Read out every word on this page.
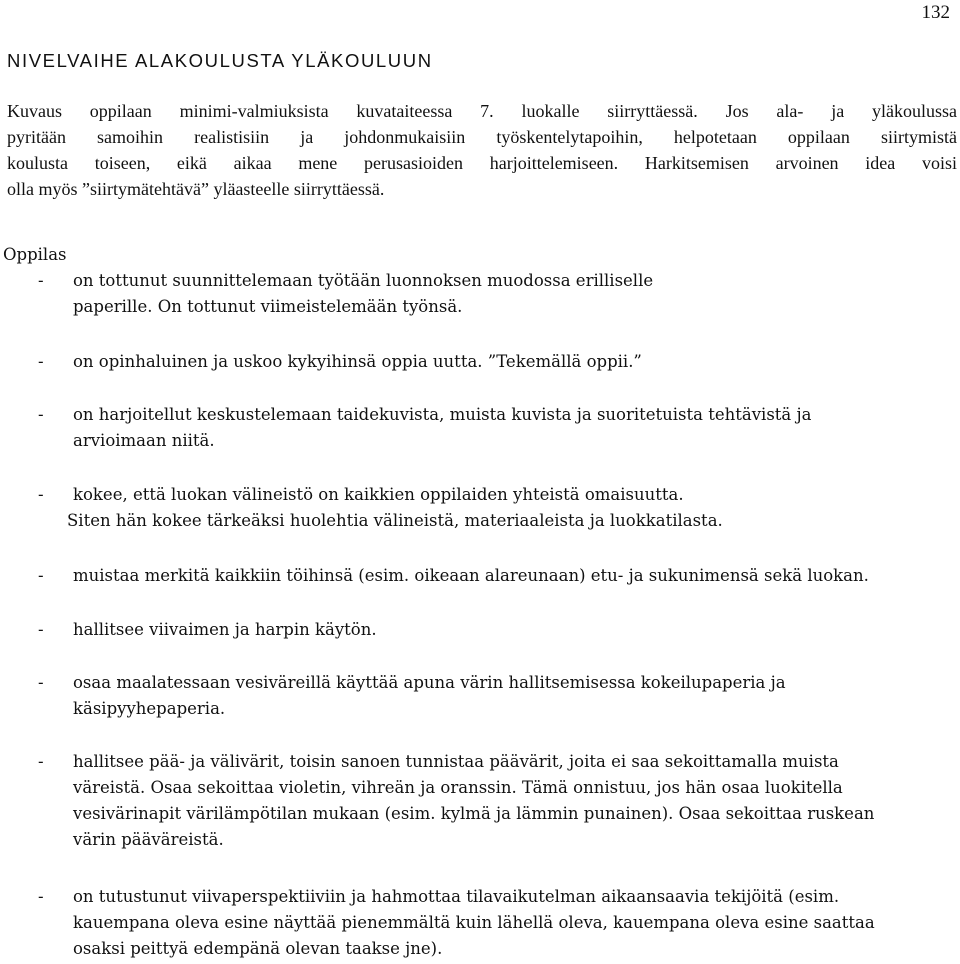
132
NIVELVAIHE ALAKOULUSTA YLÄKOULUUN
Kuvaus oppilaan minimi-valmiuksista kuvataiteessa 7. luokalle siirryttäessä. Jos ala- ja yläkoulussa
pyritään samoihin realistisiin ja johdonmukaisiin työskentelytapoihin, helpotetaan oppilaan siirtymistä
koulusta toiseen, eikä aikaa mene perusasioiden harjoittelemiseen. Harkitsemisen arvoinen idea voisi
olla myös ”siirtymätehtävä” yläasteelle siirryttäessä.
Oppilas
- on tottunut suunnittelemaan työtään luonnoksen muodossa erilliselle
paperille. On tottunut viimeistelemään työnsä.
- on opinhaluinen ja uskoo kykyihinsä oppia uutta. ”Tekemällä oppii.”
- on harjoitellut keskustelemaan taidekuvista, muista kuvista ja suoritetuista tehtävistä ja
arvioimaan niitä.
- kokee, että luokan välineistö on kaikkien oppilaiden yhteistä omaisuutta.
Siten hän kokee tärkeäksi huolehtia välineistä, materiaaleista ja luokkatilasta.
- muistaa merkitä kaikkiin töihinsä (esim. oikeaan alareunaan) etu- ja sukunimensä sekä luokan.
- hallitsee viivaimen ja harpin käytön.
- osaa maalatessaan vesiväreillä käyttää apuna värin hallitsemisessa kokeilupaperia ja
käsipyyhepaperia.
- hallitsee pää- ja välivärit, toisin sanoen tunnistaa päävärit, joita ei saa sekoittamalla muista
väreistä. Osaa sekoittaa violetin, vihreän ja oranssin. Tämä onnistuu, jos hän osaa luokitella
vesivärinapit värilämpötilan mukaan (esim. kylmä ja lämmin punainen). Osaa sekoittaa ruskean
värin pääväreistä.
- on tutustunut viivaperspektiiviin ja hahmottaa tilavaikutelman aikaansaavia tekijöitä (esim.
kauempana oleva esine näyttää pienemmältä kuin lähellä oleva, kauempana oleva esine saattaa
osaksi peittyä edempänä olevan taakse jne).
